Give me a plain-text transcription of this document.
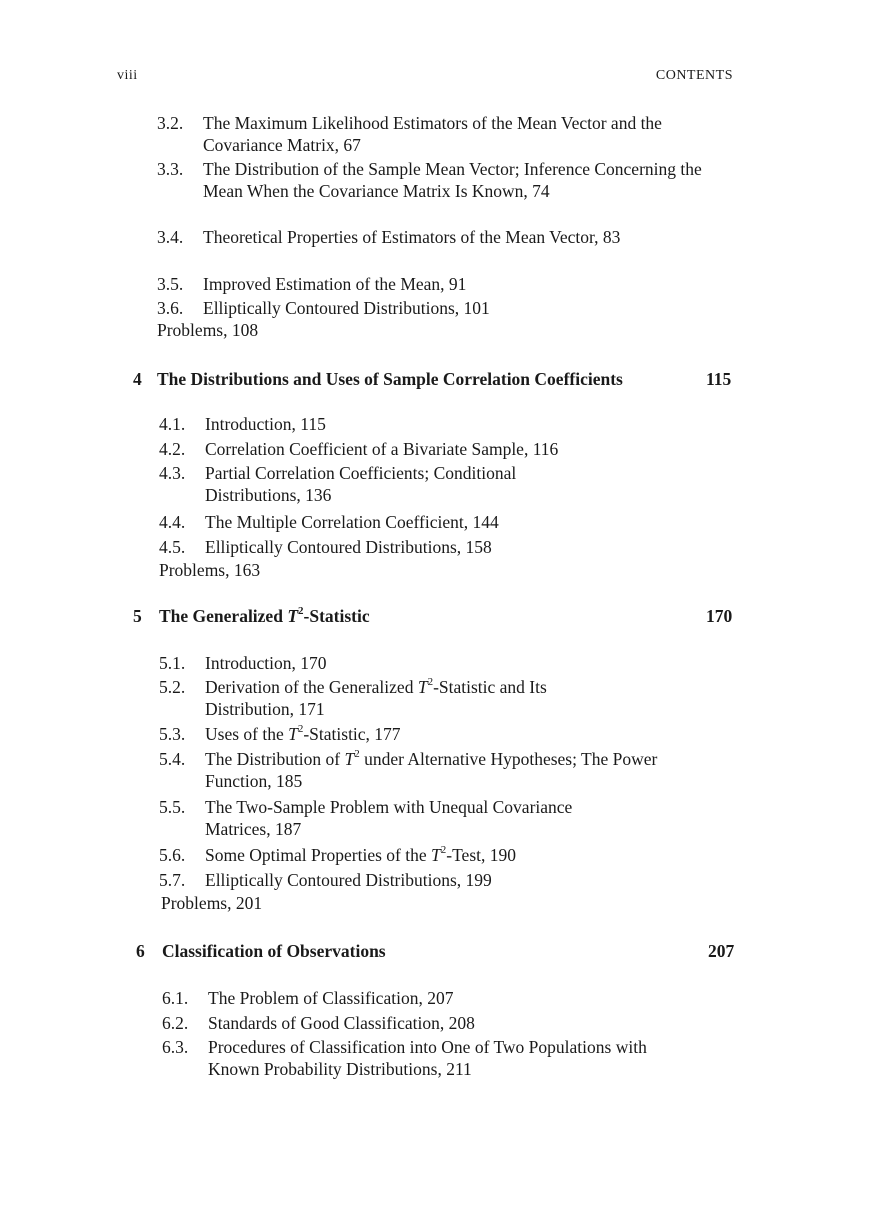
viii	CONTENTS
3.2. The Maximum Likelihood Estimators of the Mean Vector and the Covariance Matrix, 67
3.3. The Distribution of the Sample Mean Vector; Inference Concerning the Mean When the Covariance Matrix Is Known, 74
3.4. Theoretical Properties of Estimators of the Mean Vector, 83
3.5. Improved Estimation of the Mean, 91
3.6. Elliptically Contoured Distributions, 101
Problems, 108
4 The Distributions and Uses of Sample Correlation Coefficients	115
4.1. Introduction, 115
4.2. Correlation Coefficient of a Bivariate Sample, 116
4.3. Partial Correlation Coefficients; Conditional Distributions, 136
4.4. The Multiple Correlation Coefficient, 144
4.5. Elliptically Contoured Distributions, 158
Problems, 163
5 The Generalized $T^2$-Statistic	170
5.1. Introduction, 170
5.2. Derivation of the Generalized $T^2$-Statistic and Its Distribution, 171
5.3. Uses of the $T^2$-Statistic, 177
5.4. The Distribution of $T^2$ under Alternative Hypotheses; The Power Function, 185
5.5. The Two-Sample Problem with Unequal Covariance Matrices, 187
5.6. Some Optimal Properties of the $T^2$-Test, 190
5.7. Elliptically Contoured Distributions, 199
Problems, 201
6 Classification of Observations	207
6.1. The Problem of Classification, 207
6.2. Standards of Good Classification, 208
6.3. Procedures of Classification into One of Two Populations with Known Probability Distributions, 211
